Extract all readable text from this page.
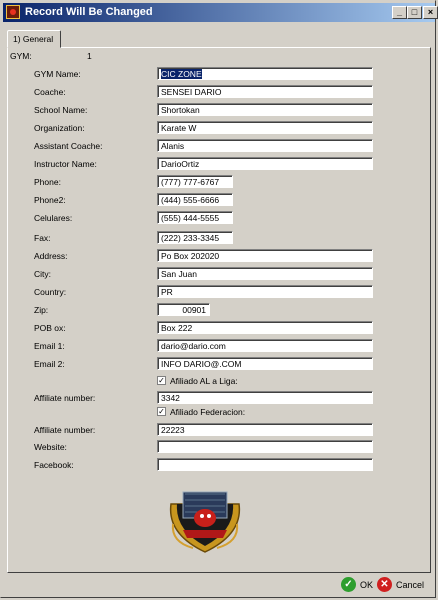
Record Will Be Changed	_	□	×
1) General
GYM:	1
GYM Name:	CIC ZONE
Coache:	SENSEI DARIO
School Name:	Shortokan
Organization:	Karate W
Assistant Coache:	Alanis
Instructor Name:	DarioOrtiz
Phone:	(777) 777-6767
Phone2:	(444) 555-6666
Celulares:	(555) 444-5555
Fax:	(222) 233-3345
Address:	Po Box 202020
City:	San Juan
Country:	PR
Zip:	00901
POB ox:	Box 222
Email 1:	dario@dario.com
Email 2:	INFO DARIO@.COM
✓ Afiliado AL a Liga:
Affiliate number:	3342
✓ Afiliado Federacion:
Affiliate number:	22223
Website:
Facebook:
✓ OK ✕ Cancel
